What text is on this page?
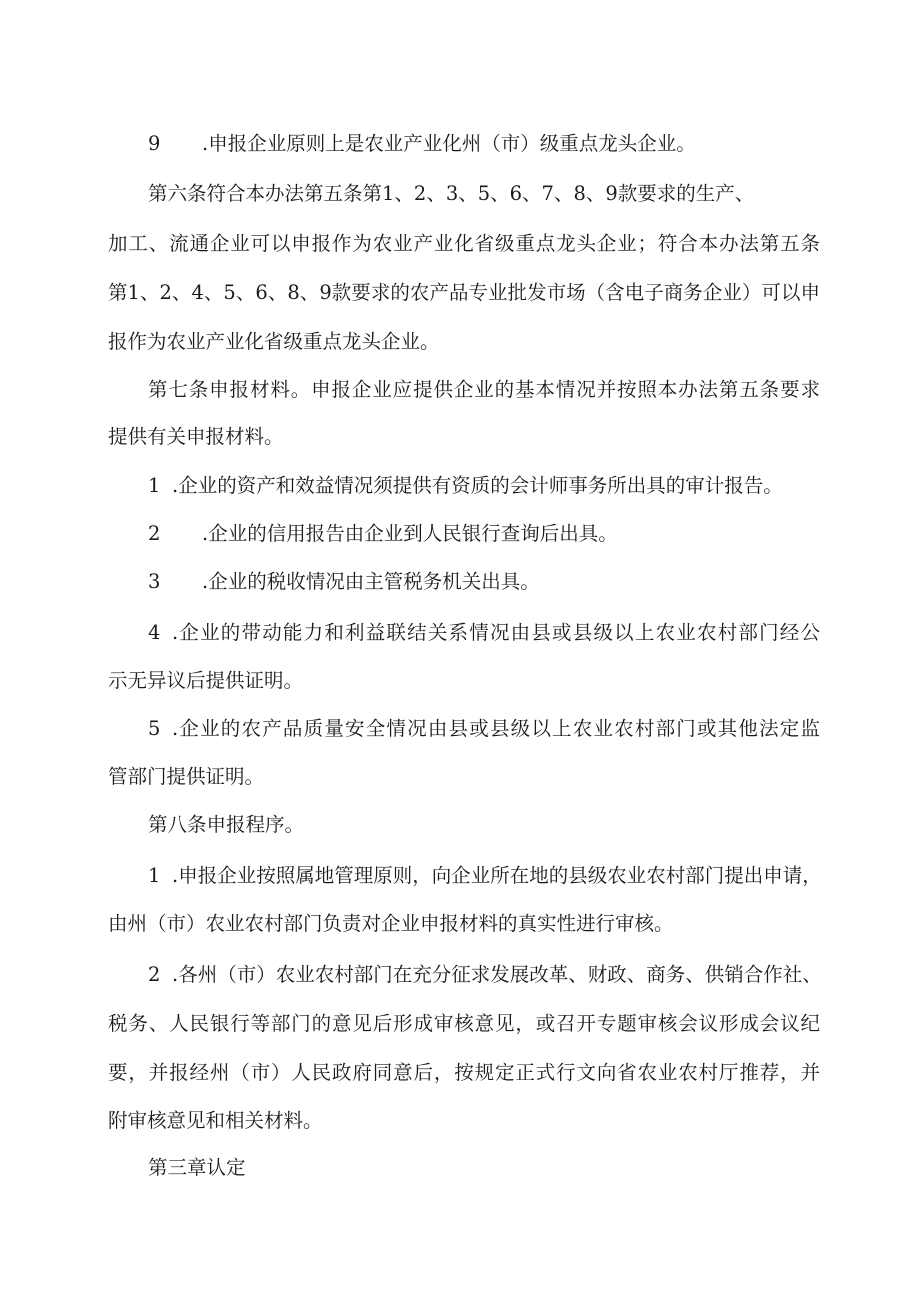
9 .申报企业原则上是农业产业化州（市）级重点龙头企业。
第六条符合本办法第五条第1、2、3、5、6、7、8、9款要求的生产、
加工、流通企业可以申报作为农业产业化省级重点龙头企业；符合本办法第五条
第1、2、4、5、6、8、9款要求的农产品专业批发市场（含电子商务企业）可以申
报作为农业产业化省级重点龙头企业。
第七条申报材料。申报企业应提供企业的基本情况并按照本办法第五条要求
提供有关申报材料。
1 .企业的资产和效益情况须提供有资质的会计师事务所出具的审计报告。
2 .企业的信用报告由企业到人民银行查询后出具。
3 .企业的税收情况由主管税务机关出具。
4 .企业的带动能力和利益联结关系情况由县或县级以上农业农村部门经公
示无异议后提供证明。
5 .企业的农产品质量安全情况由县或县级以上农业农村部门或其他法定监
管部门提供证明。
第八条申报程序。
1 .申报企业按照属地管理原则，向企业所在地的县级农业农村部门提出申请，
由州（市）农业农村部门负责对企业申报材料的真实性进行审核。
2 .各州（市）农业农村部门在充分征求发展改革、财政、商务、供销合作社、
税务、人民银行等部门的意见后形成审核意见，或召开专题审核会议形成会议纪
要，并报经州（市）人民政府同意后，按规定正式行文向省农业农村厅推荐，并
附审核意见和相关材料。
第三章认定
